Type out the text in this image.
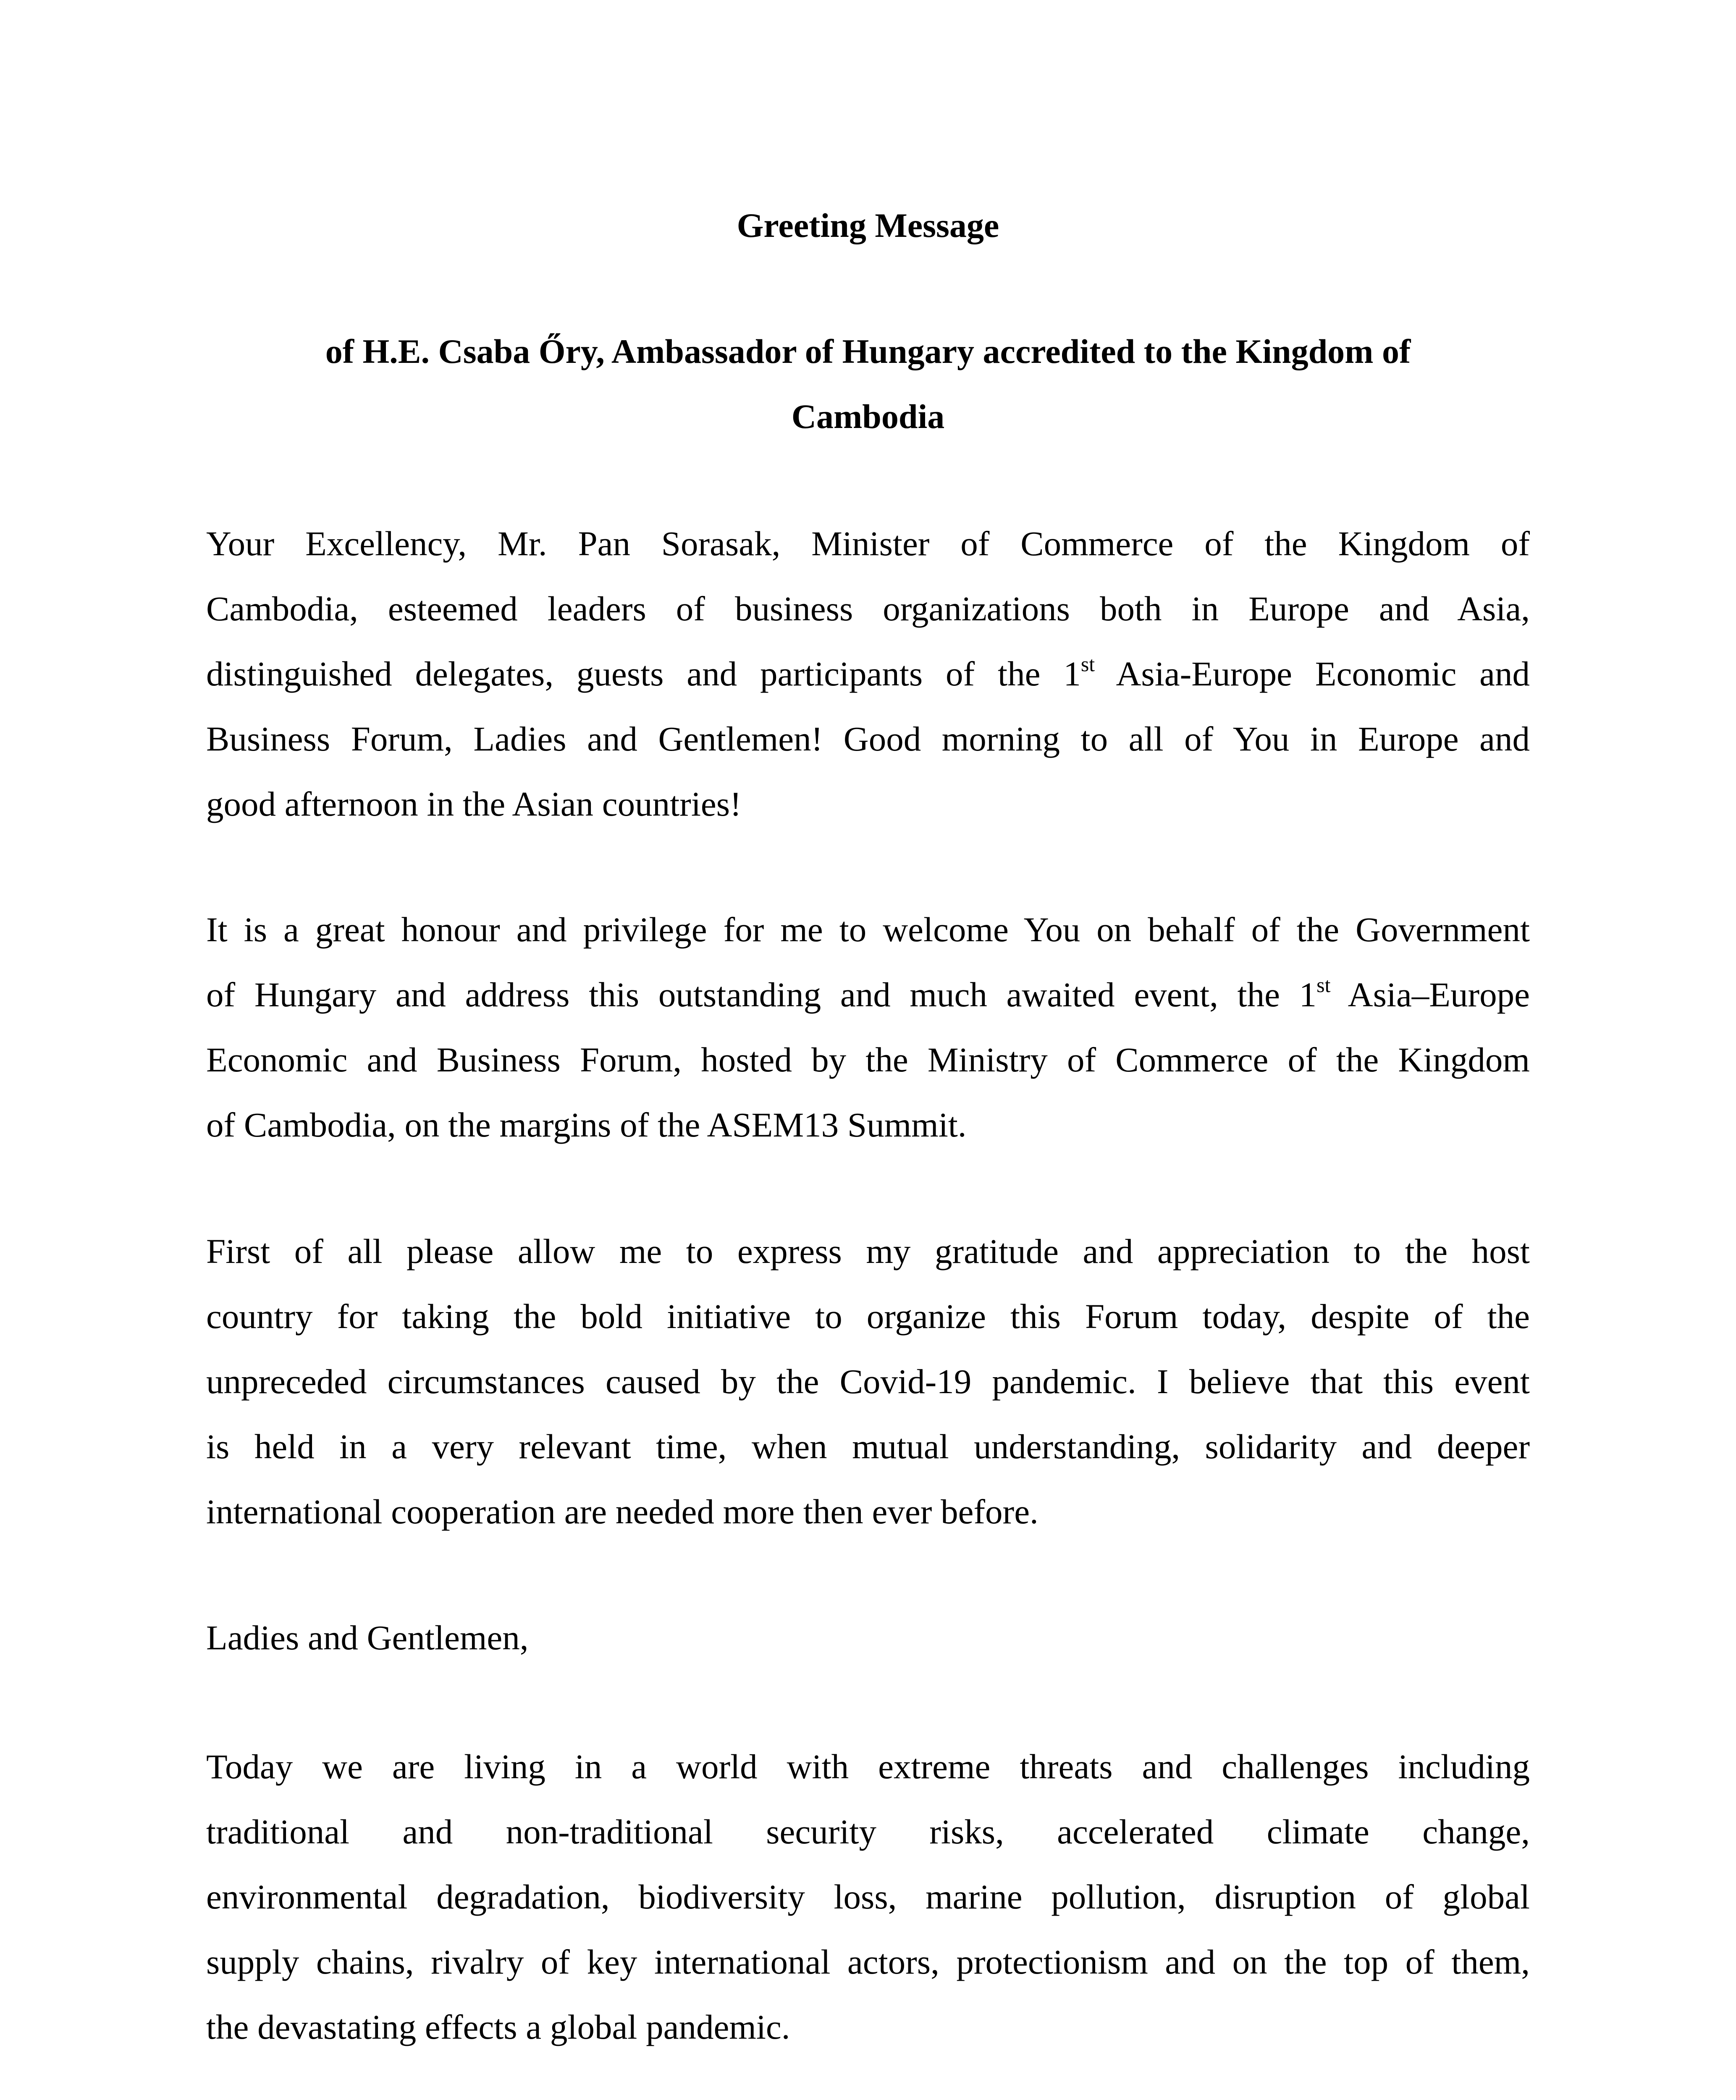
Greeting Message
of H.E. Csaba Őry, Ambassador of Hungary accredited to the Kingdom of
Cambodia
Your Excellency, Mr. Pan Sorasak, Minister of Commerce of the Kingdom of
Cambodia, esteemed leaders of business organizations both in Europe and Asia,
distinguished delegates, guests and participants of the 1st Asia-Europe Economic and
Business Forum, Ladies and Gentlemen! Good morning to all of You in Europe and
good afternoon in the Asian countries!
It is a great honour and privilege for me to welcome You on behalf of the Government
of Hungary and address this outstanding and much awaited event, the 1st Asia–Europe
Economic and Business Forum, hosted by the Ministry of Commerce of the Kingdom
of Cambodia, on the margins of the ASEM13 Summit.
First of all please allow me to express my gratitude and appreciation to the host
country for taking the bold initiative to organize this Forum today, despite of the
unpreceded circumstances caused by the Covid-19 pandemic. I believe that this event
is held in a very relevant time, when mutual understanding, solidarity and deeper
international cooperation are needed more then ever before.
Ladies and Gentlemen,
Today we are living in a world with extreme threats and challenges including
traditional and non-traditional security risks, accelerated climate change,
environmental degradation, biodiversity loss, marine pollution, disruption of global
supply chains, rivalry of key international actors, protectionism and on the top of them,
the devastating effects a global pandemic.
